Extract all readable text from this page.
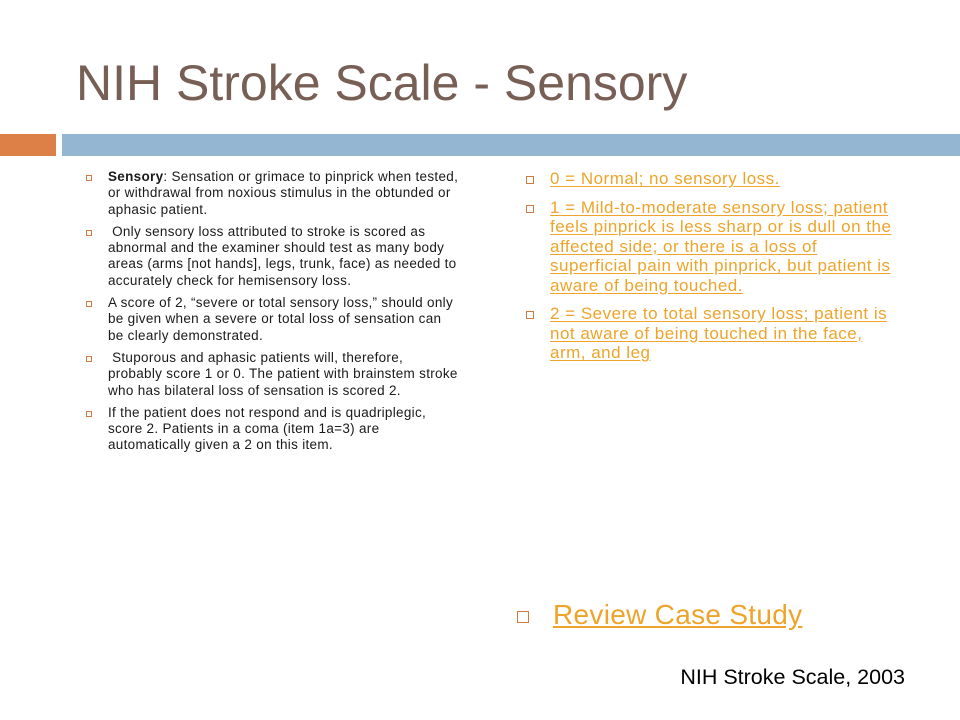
NIH Stroke Scale - Sensory
Sensory: Sensation or grimace to pinprick when tested, or withdrawal from noxious stimulus in the obtunded or aphasic patient.
Only sensory loss attributed to stroke is scored as abnormal and the examiner should test as many body areas (arms [not hands], legs, trunk, face) as needed to accurately check for hemisensory loss.
A score of 2, “severe or total sensory loss,” should only be given when a severe or total loss of sensation can be clearly demonstrated.
Stuporous and aphasic patients will, therefore, probably score 1 or 0. The patient with brainstem stroke who has bilateral loss of sensation is scored 2.
If the patient does not respond and is quadriplegic, score 2. Patients in a coma (item 1a=3) are automatically given a 2 on this item.
0 = Normal; no sensory loss.
1 = Mild-to-moderate sensory loss; patient feels pinprick is less sharp or is dull on the affected side; or there is a loss of superficial pain with pinprick, but patient is aware of being touched.
2 = Severe to total sensory loss; patient is not aware of being touched in the face, arm, and leg
Review Case Study
NIH Stroke Scale, 2003
